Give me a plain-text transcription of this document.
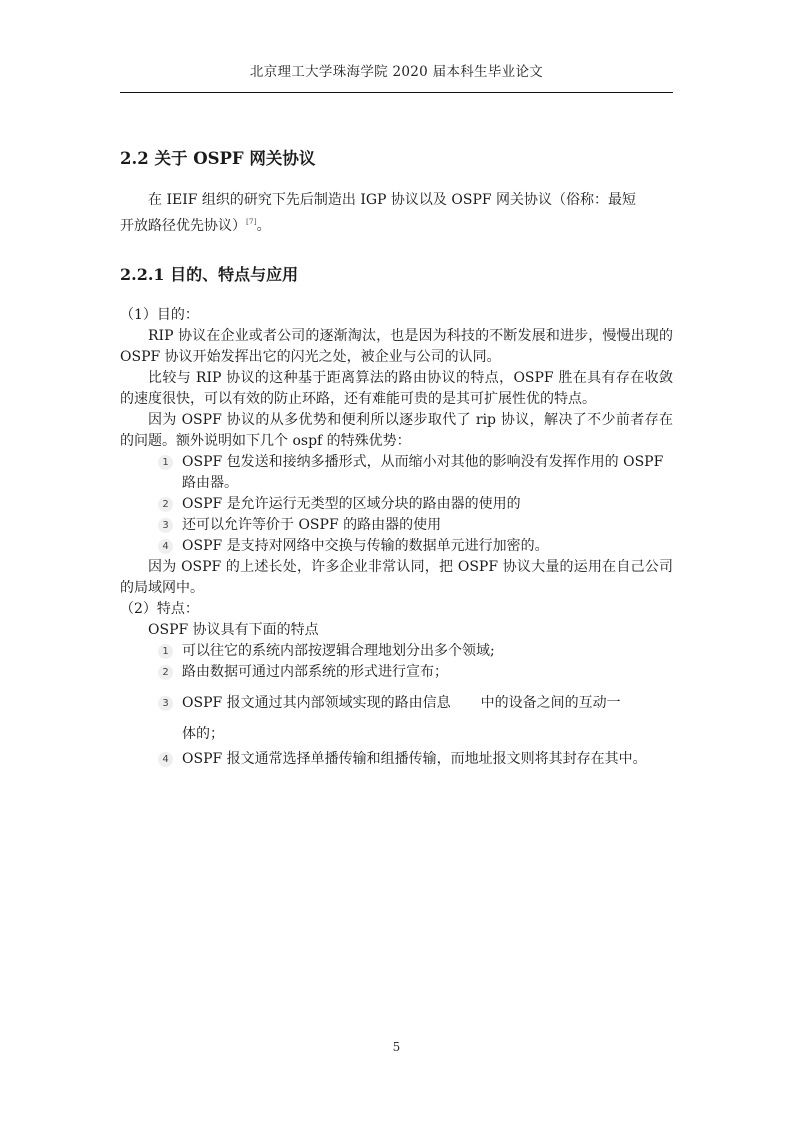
北京理工大学珠海学院 2020 届本科生毕业论文
2.2 关于 OSPF 网关协议

在 IEIF 组织的研究下先后制造出 IGP 协议以及 OSPF 网关协议（俗称：最短
开放路径优先协议）[7]。

2.2.1 目的、特点与应用

（1）目的：

RIP 协议在企业或者公司的逐渐淘汰，也是因为科技的不断发展和进步，慢慢出现的 OSPF 协议开始发挥出它的闪光之处，被企业与公司的认同。

比较与 RIP 协议的这种基于距离算法的路由协议的特点，OSPF 胜在具有存在收敛的速度很快，可以有效的防止环路，还有难能可贵的是其可扩展性优的特点。

因为 OSPF 协议的从多优势和便利所以逐步取代了 rip 协议，解决了不少前者存在的问题。额外说明如下几个 ospf 的特殊优势：

1 OSPF 包发送和接纳多播形式，从而缩小对其他的影响没有发挥作用的 OSPF 路由器。

2 OSPF 是允许运行无类型的区域分块的路由器的使用的

3 还可以允许等价于 OSPF 的路由器的使用

4 OSPF 是支持对网络中交换与传输的数据单元进行加密的。

因为 OSPF 的上述长处，许多企业非常认同，把 OSPF 协议大量的运用在自己公司的局域网中。

（2）特点：

OSPF 协议具有下面的特点

1 可以往它的系统内部按逻辑合理地划分出多个领域;

2 路由数据可通过内部系统的形式进行宣布；

3 OSPF 报文通过其内部领域实现的路由信息 中的设备之间的互动一

体的；

4 OSPF 报文通常选择单播传输和组播传输，而地址报文则将其封存在其中。

5
